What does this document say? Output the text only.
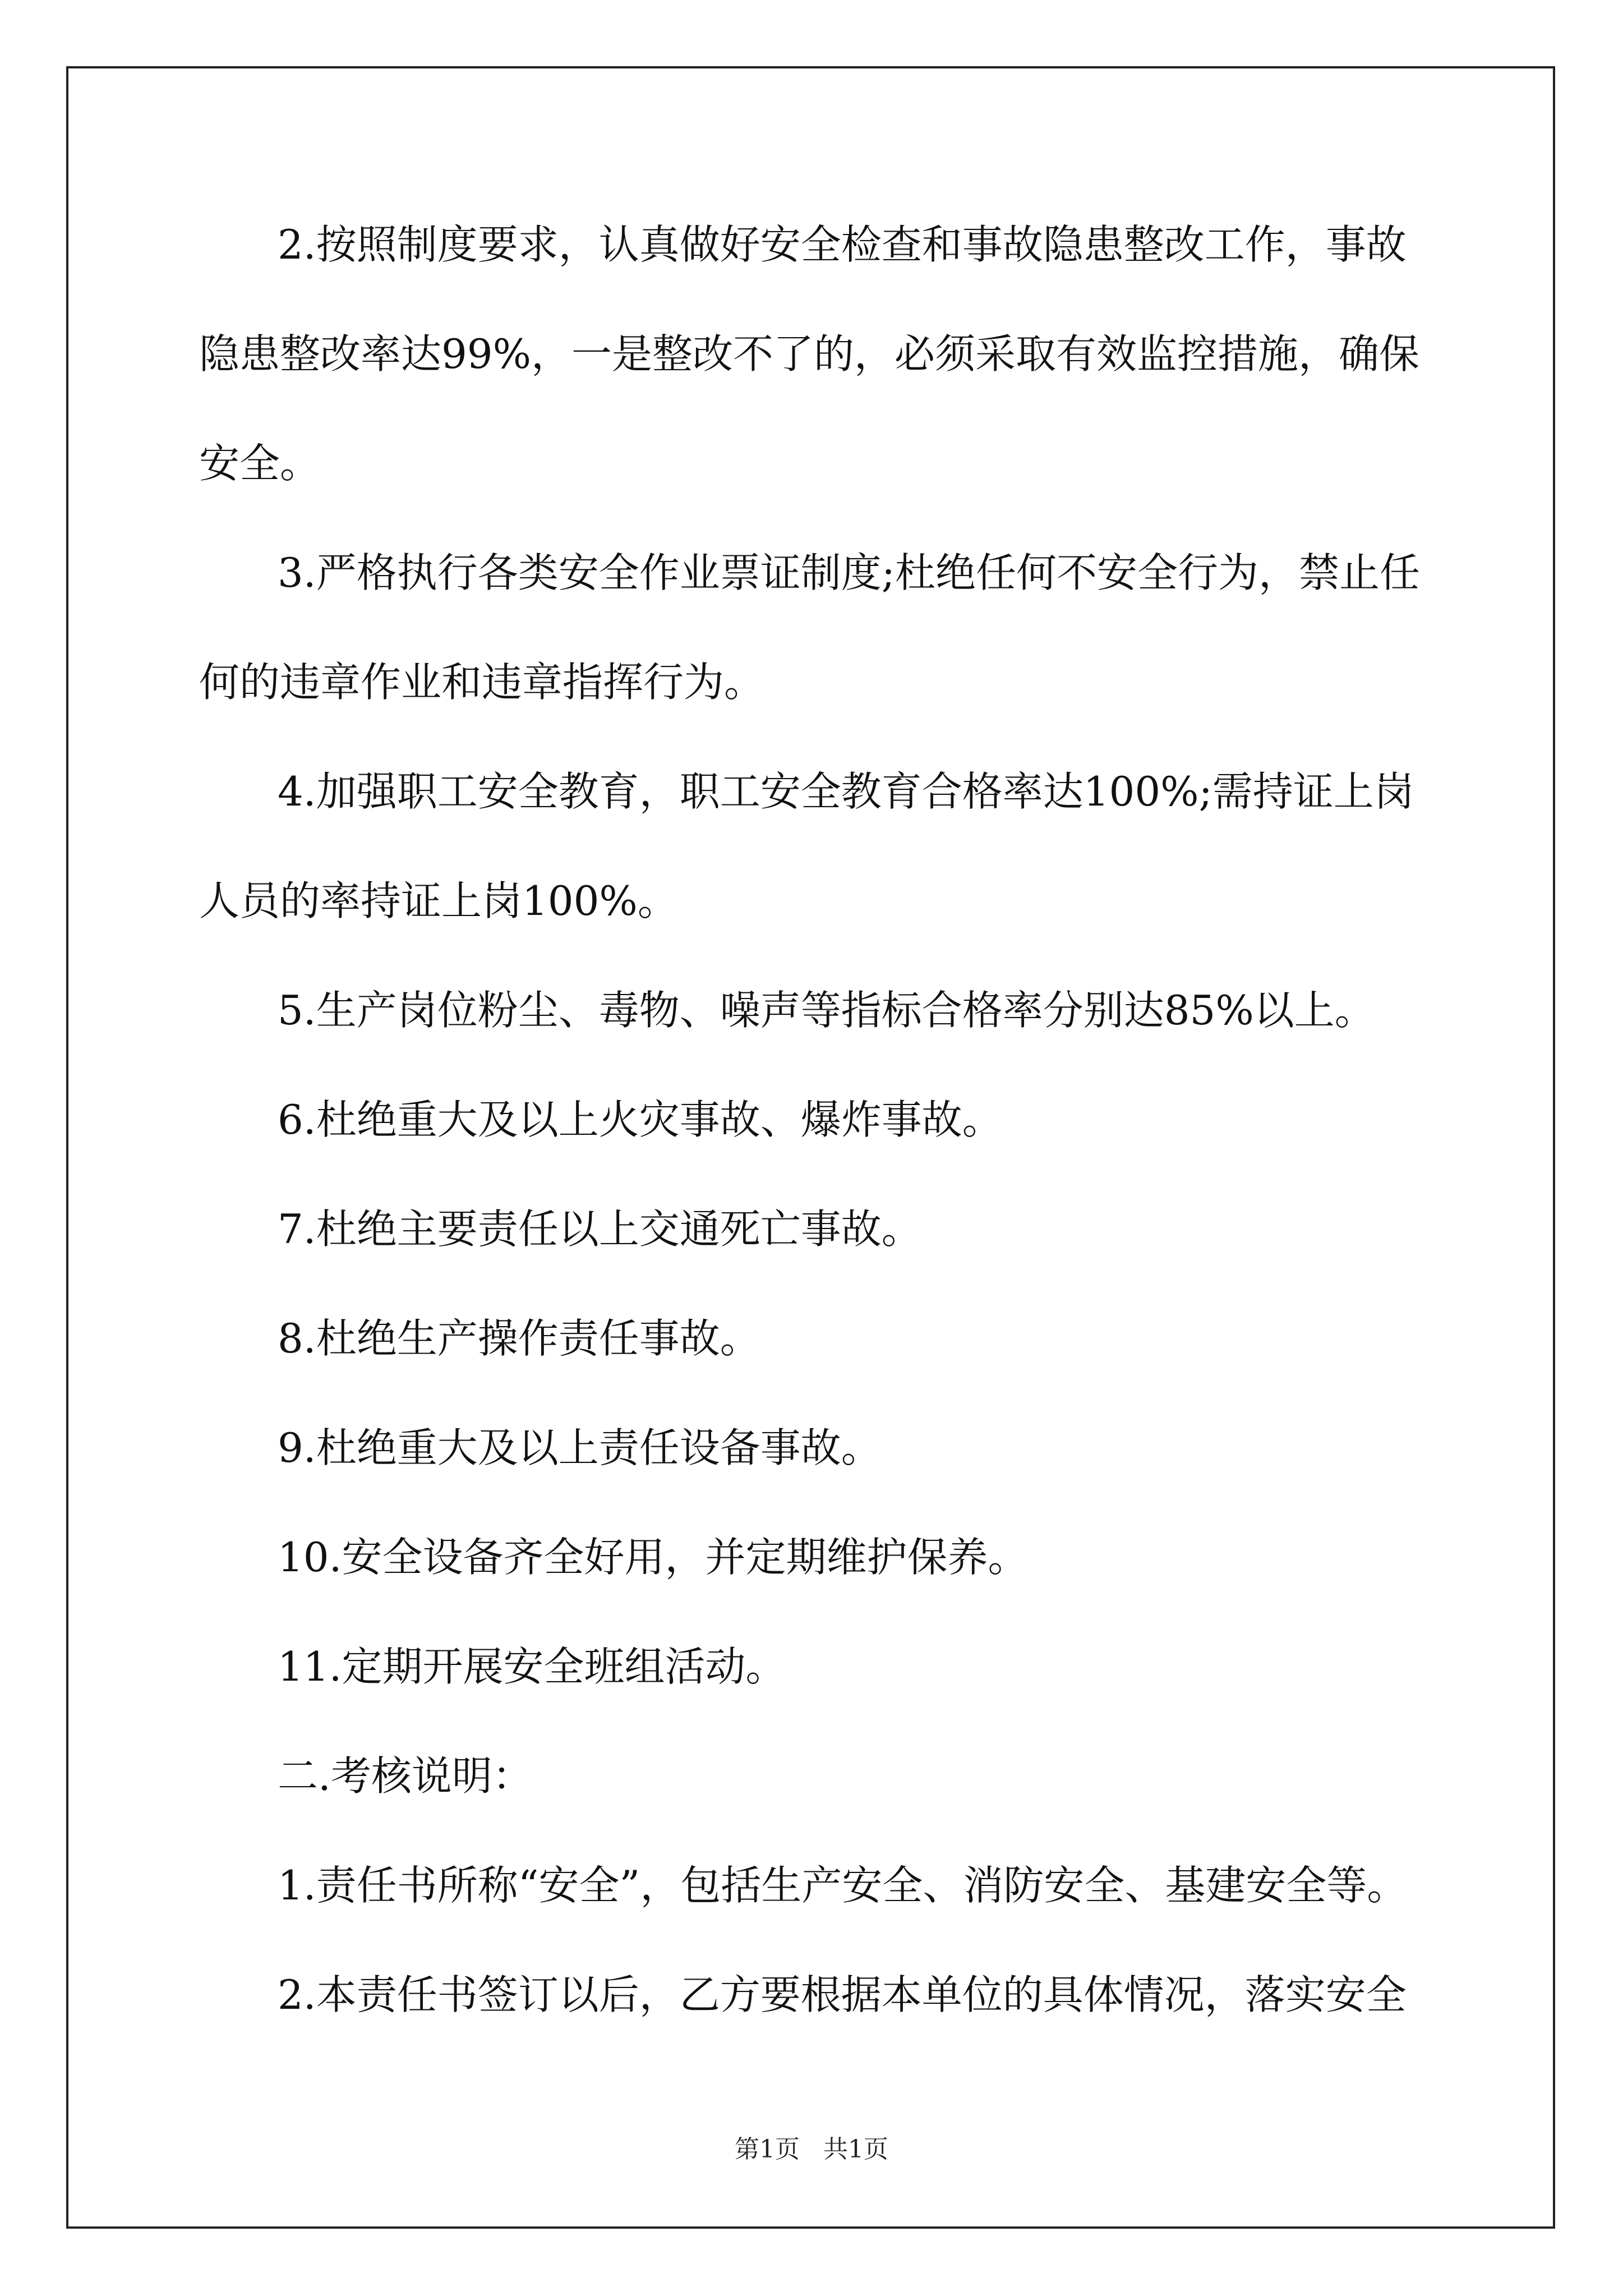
2.按照制度要求，认真做好安全检查和事故隐患整改工作，事故
隐患整改率达99%，一是整改不了的，必须采取有效监控措施，确保
安全。
3.严格执行各类安全作业票证制度;杜绝任何不安全行为，禁止任
何的违章作业和违章指挥行为。
4.加强职工安全教育，职工安全教育合格率达100%;需持证上岗
人员的率持证上岗100%。
5.生产岗位粉尘、毒物、噪声等指标合格率分别达85%以上。
6.杜绝重大及以上火灾事故、爆炸事故。
7.杜绝主要责任以上交通死亡事故。
8.杜绝生产操作责任事故。
9.杜绝重大及以上责任设备事故。
10.安全设备齐全好用，并定期维护保养。
11.定期开展安全班组活动。
二.考核说明：
1.责任书所称“安全”，包括生产安全、消防安全、基建安全等。
2.本责任书签订以后，乙方要根据本单位的具体情况，落实安全
第1页   共1页
